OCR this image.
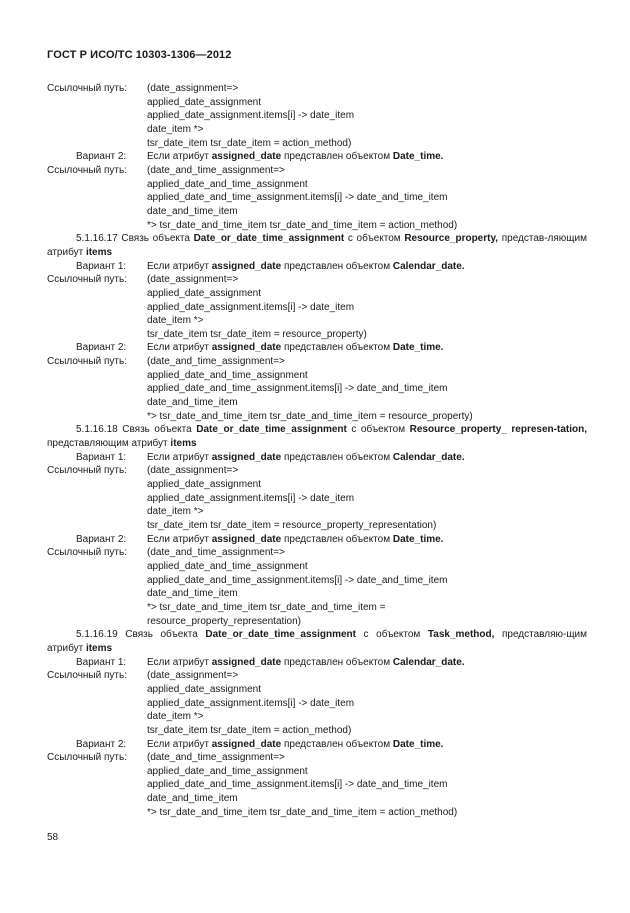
ГОСТ Р ИСО/ТС 10303-1306—2012
Ссылочный путь:	(date_assignment=>
applied_date_assignment
applied_date_assignment.items[i] -> date_item
date_item *>
tsr_date_item tsr_date_item = action_method)
Вариант 2:	Если атрибут assigned_date представлен объектом Date_time.
Ссылочный путь:	(date_and_time_assignment=>
applied_date_and_time_assignment
applied_date_and_time_assignment.items[i] -> date_and_time_item
date_and_time_item
*> tsr_date_and_time_item tsr_date_and_time_item = action_method)
5.1.16.17 Связь объекта Date_or_date_time_assignment с объектом Resource_property, представ-ляющим атрибут items
Вариант 1:	Если атрибут assigned_date представлен объектом Calendar_date.
Ссылочный путь:	(date_assignment=>
applied_date_assignment
applied_date_assignment.items[i] -> date_item
date_item *>
tsr_date_item tsr_date_item = resource_property)
Вариант 2:	Если атрибут assigned_date представлен объектом Date_time.
Ссылочный путь:	(date_and_time_assignment=>
applied_date_and_time_assignment
applied_date_and_time_assignment.items[i] -> date_and_time_item
date_and_time_item
*> tsr_date_and_time_item tsr_date_and_time_item = resource_property)
5.1.16.18 Связь объекта Date_or_date_time_assignment с объектом Resource_property_ represen-tation, представляющим атрибут items
Вариант 1:	Если атрибут assigned_date представлен объектом Calendar_date.
Ссылочный путь:	(date_assignment=>
applied_date_assignment
applied_date_assignment.items[i] -> date_item
date_item *>
tsr_date_item tsr_date_item = resource_property_representation)
Вариант 2:	Если атрибут assigned_date представлен объектом Date_time.
Ссылочный путь:	(date_and_time_assignment=>
applied_date_and_time_assignment
applied_date_and_time_assignment.items[i] -> date_and_time_item
date_and_time_item
*> tsr_date_and_time_item tsr_date_and_time_item =
resource_property_representation)
5.1.16.19 Связь объекта Date_or_date_time_assignment с объектом Task_method, представляю-щим атрибут items
Вариант 1:	Если атрибут assigned_date представлен объектом Calendar_date.
Ссылочный путь:	(date_assignment=>
applied_date_assignment
applied_date_assignment.items[i] -> date_item
date_item *>
tsr_date_item tsr_date_item = action_method)
Вариант 2:	Если атрибут assigned_date представлен объектом Date_time.
Ссылочный путь:	(date_and_time_assignment=>
applied_date_and_time_assignment
applied_date_and_time_assignment.items[i] -> date_and_time_item
date_and_time_item
*> tsr_date_and_time_item tsr_date_and_time_item = action_method)
58
